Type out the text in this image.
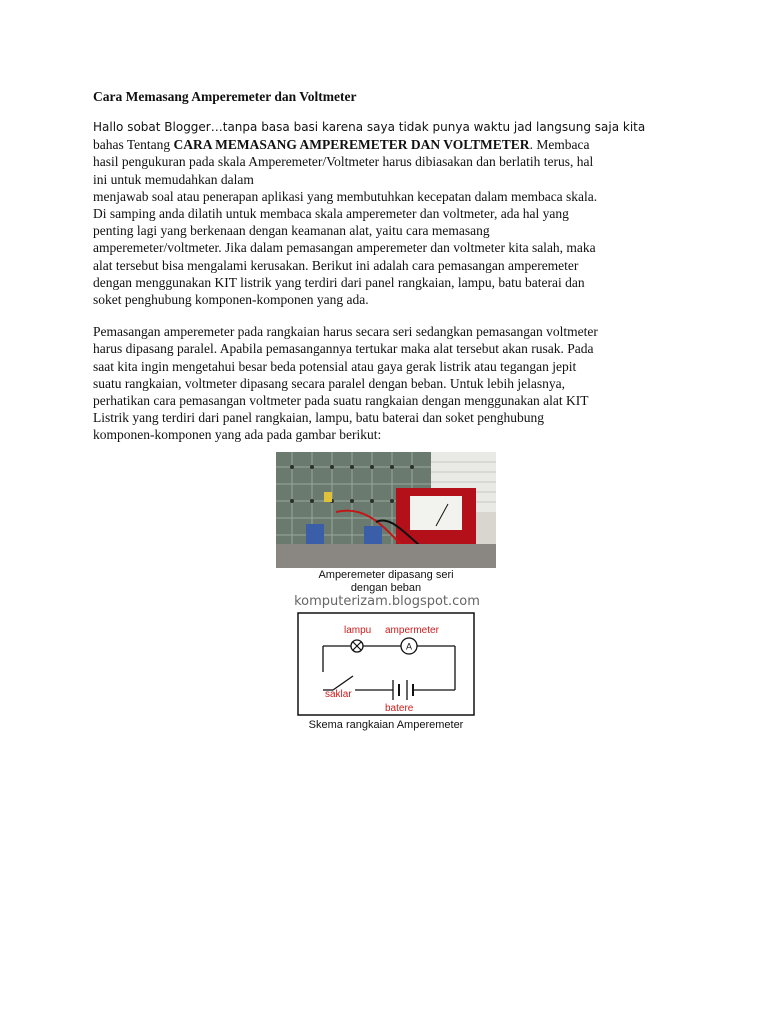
Cara Memasang Amperemeter dan Voltmeter
Hallo sobat Blogger…tanpa basa basi karena saya tidak punya waktu jad langsung saja kita
bahas Tentang CARA MEMASANG AMPEREMETER DAN VOLTMETER. Membaca
hasil pengukuran pada skala Amperemeter/Voltmeter harus dibiasakan dan berlatih terus, hal
ini untuk memudahkan dalam
menjawab soal atau penerapan aplikasi yang membutuhkan kecepatan dalam membaca skala.
Di samping anda dilatih untuk membaca skala amperemeter dan voltmeter, ada hal yang
penting lagi yang berkenaan dengan keamanan alat, yaitu cara memasang
amperemeter/voltmeter. Jika dalam pemasangan amperemeter dan voltmeter kita salah, maka
alat tersebut bisa mengalami kerusakan. Berikut ini adalah cara pemasangan amperemeter
dengan menggunakan KIT listrik yang terdiri dari panel rangkaian, lampu, batu baterai dan
soket penghubung komponen-komponen yang ada.
Pemasangan amperemeter pada rangkaian harus secara seri sedangkan pemasangan voltmeter
harus dipasang paralel. Apabila pemasangannya tertukar maka alat tersebut akan rusak. Pada
saat kita ingin mengetahui besar beda potensial atau gaya gerak listrik atau tegangan jepit
suatu rangkaian, voltmeter dipasang secara paralel dengan beban. Untuk lebih jelasnya,
perhatikan cara pemasangan voltmeter pada suatu rangkaian dengan menggunakan alat KIT
Listrik yang terdiri dari panel rangkaian, lampu, batu baterai dan soket penghubung
komponen-komponen yang ada pada gambar berikut:
Amperemeter dipasang seri
dengan beban
komputerizam.blogspot.com
A
lampu ampermeter
saklar
batere
Skema rangkaian Amperemeter
